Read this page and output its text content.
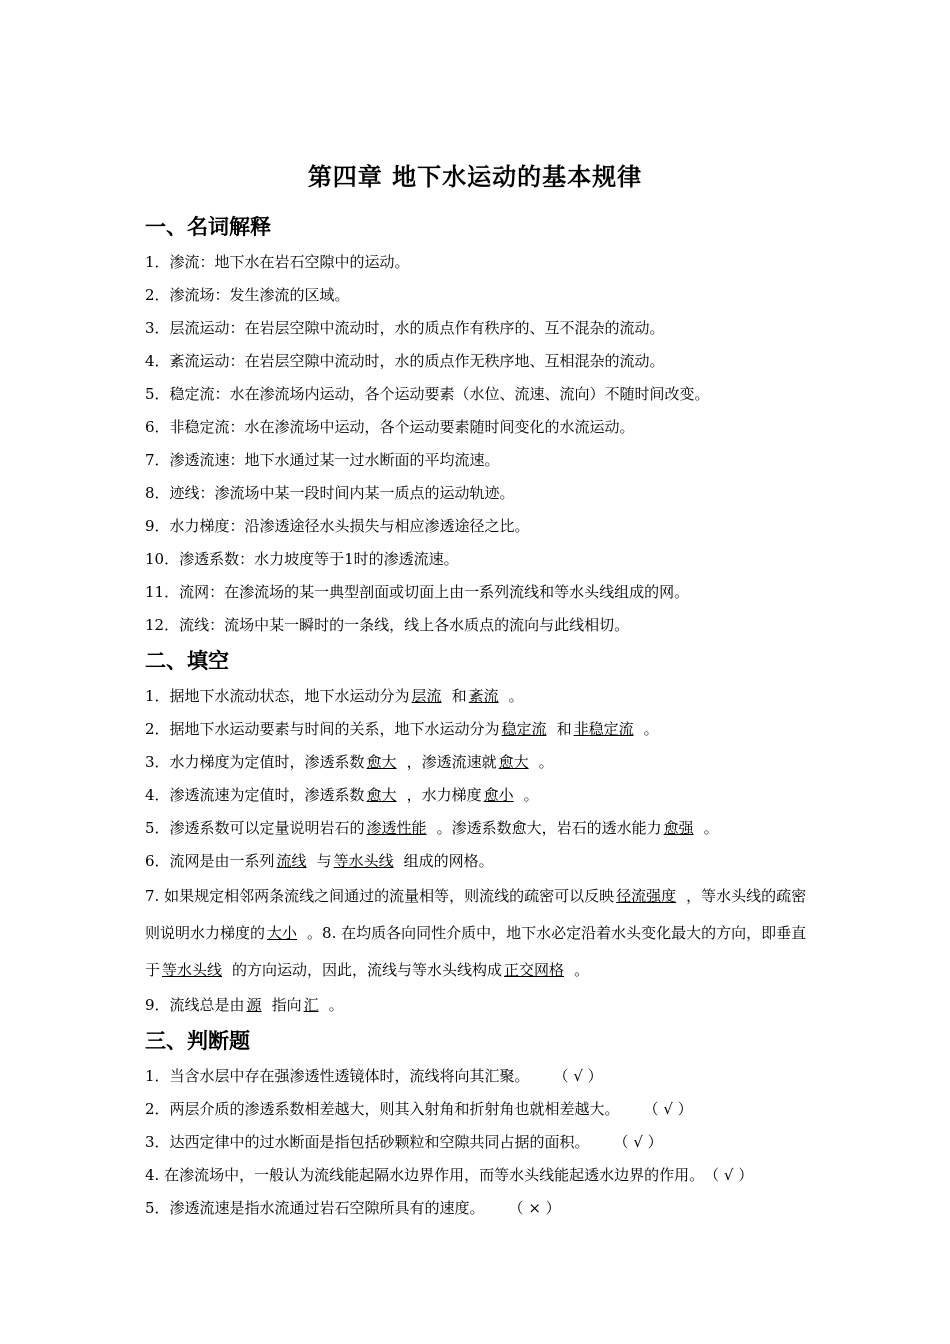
第四章 地下水运动的基本规律
一、名词解释
1．渗流：地下水在岩石空隙中的运动。
2．渗流场：发生渗流的区域。
3．层流运动：在岩层空隙中流动时，水的质点作有秩序的、互不混杂的流动。
4．紊流运动：在岩层空隙中流动时，水的质点作无秩序地、互相混杂的流动。
5．稳定流：水在渗流场内运动，各个运动要素（水位、流速、流向）不随时间改变。
6．非稳定流：水在渗流场中运动，各个运动要素随时间变化的水流运动。
7．渗透流速：地下水通过某一过水断面的平均流速。
8．迹线：渗流场中某一段时间内某一质点的运动轨迹。
9．水力梯度：沿渗透途径水头损失与相应渗透途径之比。
10．渗透系数：水力坡度等于1时的渗透流速。
11．流网：在渗流场的某一典型剖面或切面上由一系列流线和等水头线组成的网。
12．流线：流场中某一瞬时的一条线，线上各水质点的流向与此线相切。
二、填空
1．据地下水流动状态，地下水运动分为 层流 和 紊流 。
2．据地下水运动要素与时间的关系，地下水运动分为 稳定流 和 非稳定流 。
3．水力梯度为定值时，渗透系数 愈大 ，渗透流速就 愈大 。
4．渗透流速为定值时，渗透系数 愈大 ，水力梯度 愈小 。
5．渗透系数可以定量说明岩石的 渗透性能 。渗透系数愈大，岩石的透水能力 愈强 。
6．流网是由一系列 流线 与 等水头线 组成的网格。
7. 如果规定相邻两条流线之间通过的流量相等，则流线的疏密可以反映 径流强度 ，等水头线的疏密则说明水力梯度的 大小 。8. 在均质各向同性介质中，地下水必定沿着水头变化最大的方向，即垂直于 等水头线 的方向运动，因此，流线与等水头线构成 正交网格 。
9．流线总是由 源 指向 汇 。
三、判断题
1．当含水层中存在强渗透性透镜体时，流线将向其汇聚。 （ √ ）
2．两层介质的渗透系数相差越大，则其入射角和折射角也就相差越大。 （ √ ）
3．达西定律中的过水断面是指包括砂颗粒和空隙共同占据的面积。 （ √ ）
4. 在渗流场中，一般认为流线能起隔水边界作用，而等水头线能起透水边界的作用。（ √ ）
5．渗透流速是指水流通过岩石空隙所具有的速度。 （ × ）
